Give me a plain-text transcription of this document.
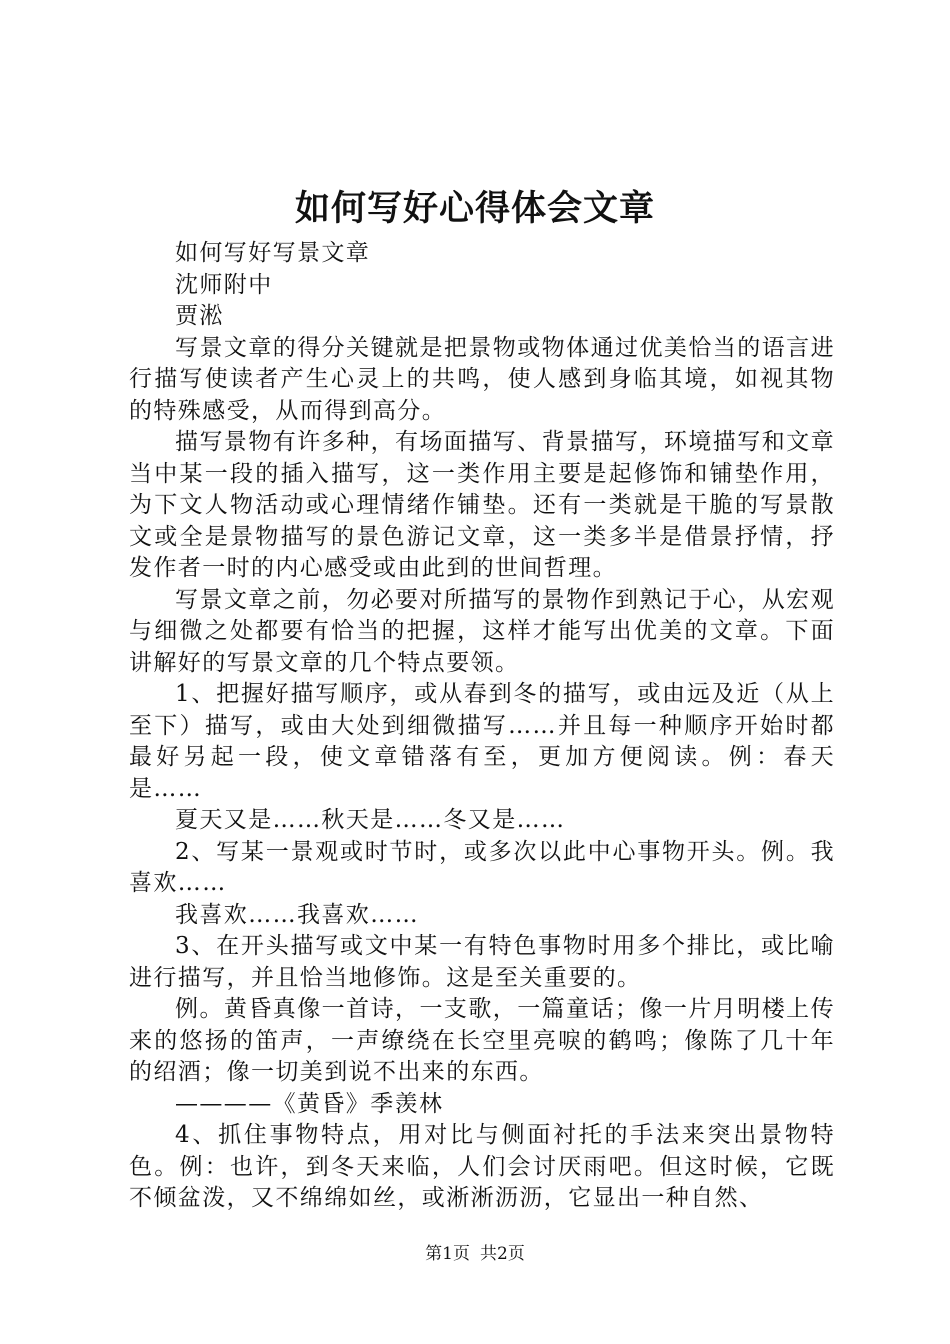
如何写好心得体会文章

如何写好写景文章

沈师附中

贾淞

写景文章的得分关键就是把景物或物体通过优美恰当的语言进行描写使读者产生心灵上的共鸣，使人感到身临其境，如视其物的特殊感受，从而得到高分。

描写景物有许多种，有场面描写、背景描写，环境描写和文章当中某一段的插入描写，这一类作用主要是起修饰和铺垫作用，为下文人物活动或心理情绪作铺垫。还有一类就是干脆的写景散文或全是景物描写的景色游记文章，这一类多半是借景抒情，抒发作者一时的内心感受或由此到的世间哲理。

写景文章之前，勿必要对所描写的景物作到熟记于心，从宏观与细微之处都要有恰当的把握，这样才能写出优美的文章。下面讲解好的写景文章的几个特点要领。

1、把握好描写顺序，或从春到冬的描写，或由远及近（从上至下）描写，或由大处到细微描写……并且每一种顺序开始时都最好另起一段，使文章错落有至，更加方便阅读。例：春天是……

夏天又是……秋天是……冬又是……

2、写某一景观或时节时，或多次以此中心事物开头。例。我喜欢……

我喜欢……我喜欢……

3、在开头描写或文中某一有特色事物时用多个排比，或比喻进行描写，并且恰当地修饰。这是至关重要的。

例。黄昏真像一首诗，一支歌，一篇童话；像一片月明楼上传来的悠扬的笛声，一声缭绕在长空里亮唳的鹤鸣；像陈了几十年的绍酒；像一切美到说不出来的东西。

————《黄昏》季羡林

4、抓住事物特点，用对比与侧面衬托的手法来突出景物特色。例：也许，到冬天来临，人们会讨厌雨吧。但这时候，它既不倾盆泼，又不绵绵如丝，或淅淅沥沥，它显出一种自然、

第1页 共2页
